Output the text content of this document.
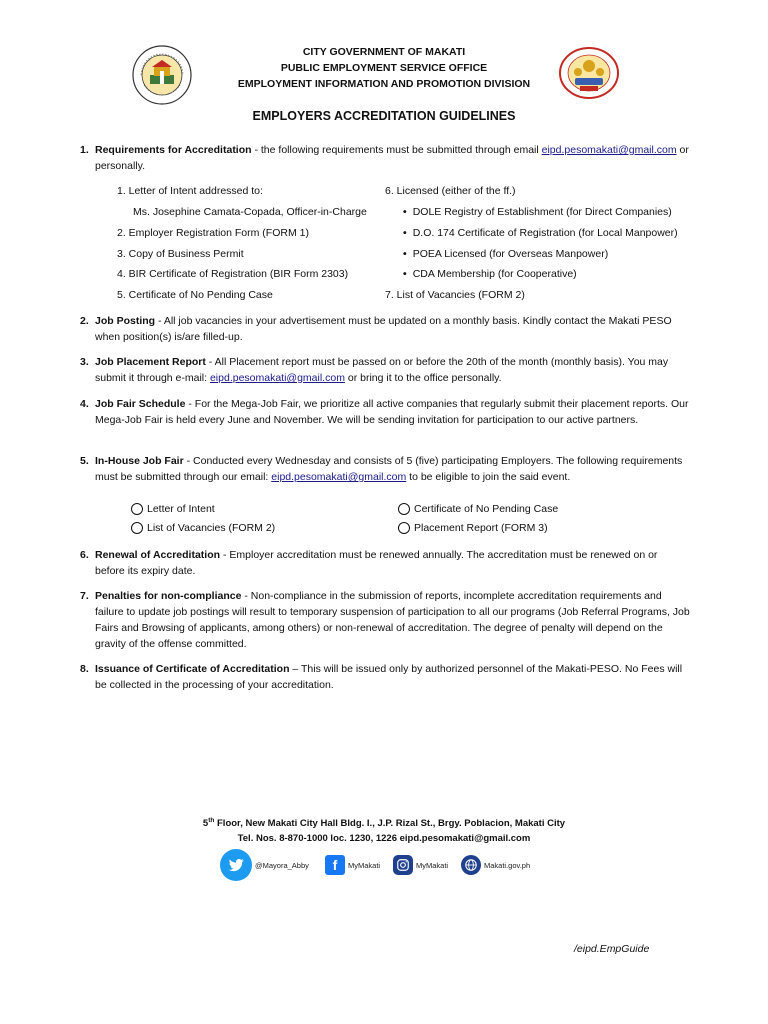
CITY GOVERNMENT OF MAKATI
PUBLIC EMPLOYMENT SERVICE OFFICE
EMPLOYMENT INFORMATION AND PROMOTION DIVISION
EMPLOYERS ACCREDITATION GUIDELINES
1. Requirements for Accreditation - the following requirements must be submitted through email eipd.pesomakati@gmail.com or personally.
1. Letter of Intent addressed to:
Ms. Josephine Camata-Copada, Officer-in-Charge
2. Employer Registration Form (FORM 1)
3. Copy of Business Permit
4. BIR Certificate of Registration (BIR Form 2303)
5. Certificate of No Pending Case
6. Licensed (either of the ff.)
• DOLE Registry of Establishment (for Direct Companies)
• D.O. 174 Certificate of Registration (for Local Manpower)
• POEA Licensed (for Overseas Manpower)
• CDA Membership (for Cooperative)
7. List of Vacancies (FORM 2)
2. Job Posting - All job vacancies in your advertisement must be updated on a monthly basis. Kindly contact the Makati PESO when position(s) is/are filled-up.
3. Job Placement Report - All Placement report must be passed on or before the 20th of the month (monthly basis). You may submit it through e-mail: eipd.pesomakati@gmail.com or bring it to the office personally.
4. Job Fair Schedule - For the Mega-Job Fair, we prioritize all active companies that regularly submit their placement reports. Our Mega-Job Fair is held every June and November. We will be sending invitation for participation to our active partners.
5. In-House Job Fair - Conducted every Wednesday and consists of 5 (five) participating Employers. The following requirements must be submitted through our email: eipd.pesomakati@gmail.com to be eligible to join the said event.
Letter of Intent
List of Vacancies (FORM 2)
Certificate of No Pending Case
Placement Report (FORM 3)
6. Renewal of Accreditation - Employer accreditation must be renewed annually. The accreditation must be renewed on or before its expiry date.
7. Penalties for non-compliance - Non-compliance in the submission of reports, incomplete accreditation requirements and failure to update job postings will result to temporary suspension of participation to all our programs (Job Referral Programs, Job Fairs and Browsing of applicants, among others) or non-renewal of accreditation. The degree of penalty will depend on the gravity of the offense committed.
8. Issuance of Certificate of Accreditation – This will be issued only by authorized personnel of the Makati-PESO. No Fees will be collected in the processing of your accreditation.
5th Floor, New Makati City Hall Bldg. I., J.P. Rizal St., Brgy. Poblacion, Makati City
Tel. Nos. 8-870-1000 loc. 1230, 1226 eipd.pesomakati@gmail.com
@Mayora_Abby	f	MyMakati	MyMakati	Makati.gov.ph
/eipd.EmpGuide
